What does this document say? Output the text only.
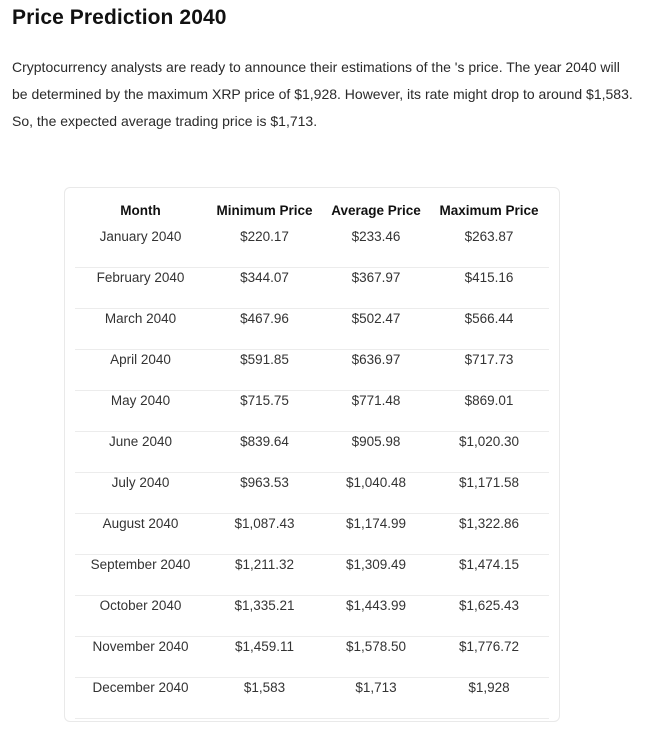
Price Prediction 2040

Cryptocurrency analysts are ready to announce their estimations of the 's price. The year 2040 will be determined by the maximum XRP price of $1,928. However, its rate might drop to around $1,583. So, the expected average trading price is $1,713.

Month	Minimum Price	Average Price	Maximum Price
January 2040	$220.17	$233.46	$263.87
February 2040	$344.07	$367.97	$415.16
March 2040	$467.96	$502.47	$566.44
April 2040	$591.85	$636.97	$717.73
May 2040	$715.75	$771.48	$869.01
June 2040	$839.64	$905.98	$1,020.30
July 2040	$963.53	$1,040.48	$1,171.58
August 2040	$1,087.43	$1,174.99	$1,322.86
September 2040	$1,211.32	$1,309.49	$1,474.15
October 2040	$1,335.21	$1,443.99	$1,625.43
November 2040	$1,459.11	$1,578.50	$1,776.72
December 2040	$1,583	$1,713	$1,928
